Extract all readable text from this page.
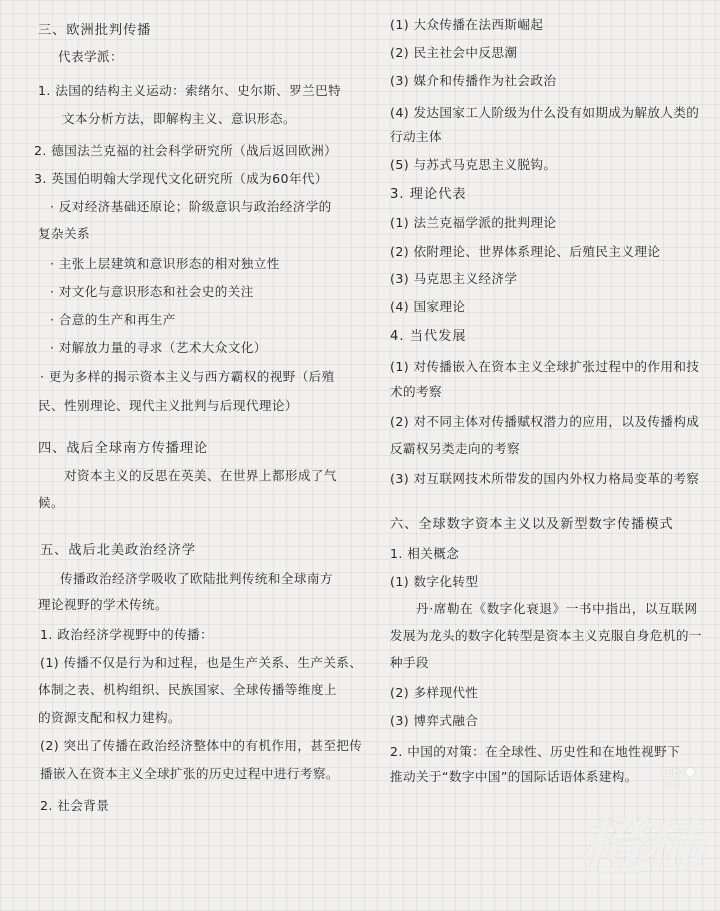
三、欧洲批判传播
代表学派：
1. 法国的结构主义运动：索绪尔、史尔斯、罗兰巴特
文本分析方法，即解构主义、意识形态。
2. 德国法兰克福的社会科学研究所（战后返回欧洲）
3. 英国伯明翰大学现代文化研究所（成为60年代）
· 反对经济基础还原论；阶级意识与政治经济学的
复杂关系
· 主张上层建筑和意识形态的相对独立性
· 对文化与意识形态和社会史的关注
· 合意的生产和再生产
· 对解放力量的寻求（艺术大众文化）
· 更为多样的揭示资本主义与西方霸权的视野（后殖
民、性别理论、现代主义批判与后现代理论）
四、战后全球南方传播理论
对资本主义的反思在英美、在世界上都形成了气
候。
五、战后北美政治经济学
传播政治经济学吸收了欧陆批判传统和全球南方
理论视野的学术传统。
1. 政治经济学视野中的传播：
(1) 传播不仅是行为和过程，也是生产关系、生产关系、
体制之表、机构组织、民族国家、全球传播等维度上
的资源支配和权力建构。
(2) 突出了传播在政治经济整体中的有机作用，甚至把传
播嵌入在资本主义全球扩张的历史过程中进行考察。
2. 社会背景
(1) 大众传播在法西斯崛起
(2) 民主社会中反思潮
(3) 媒介和传播作为社会政治
(4) 发达国家工人阶级为什么没有如期成为解放人类的
行动主体
(5) 与苏式马克思主义脱钩。
3. 理论代表
(1) 法兰克福学派的批判理论
(2) 依附理论、世界体系理论、后殖民主义理论
(3) 马克思主义经济学
(4) 国家理论
4. 当代发展
(1) 对传播嵌入在资本主义全球扩张过程中的作用和技
术的考察
(2) 对不同主体对传播赋权潜力的应用，以及传播构成
反霸权另类走向的考察
(3) 对互联网技术所带发的国内外权力格局变革的考察
六、全球数字资本主义以及新型数字传播模式
1. 相关概念
(1) 数字化转型
丹·席勒在《数字化衰退》一书中指出，以互联网
发展为龙头的数字化转型是资本主义克服自身危机的一
种手段
(2) 多样现代性
(3) 博弈式融合
2. 中国的对策：在全球性、历史性和在地性视野下
推动关于“数字中国”的国际话语体系建构。 City
Link
橙柿
